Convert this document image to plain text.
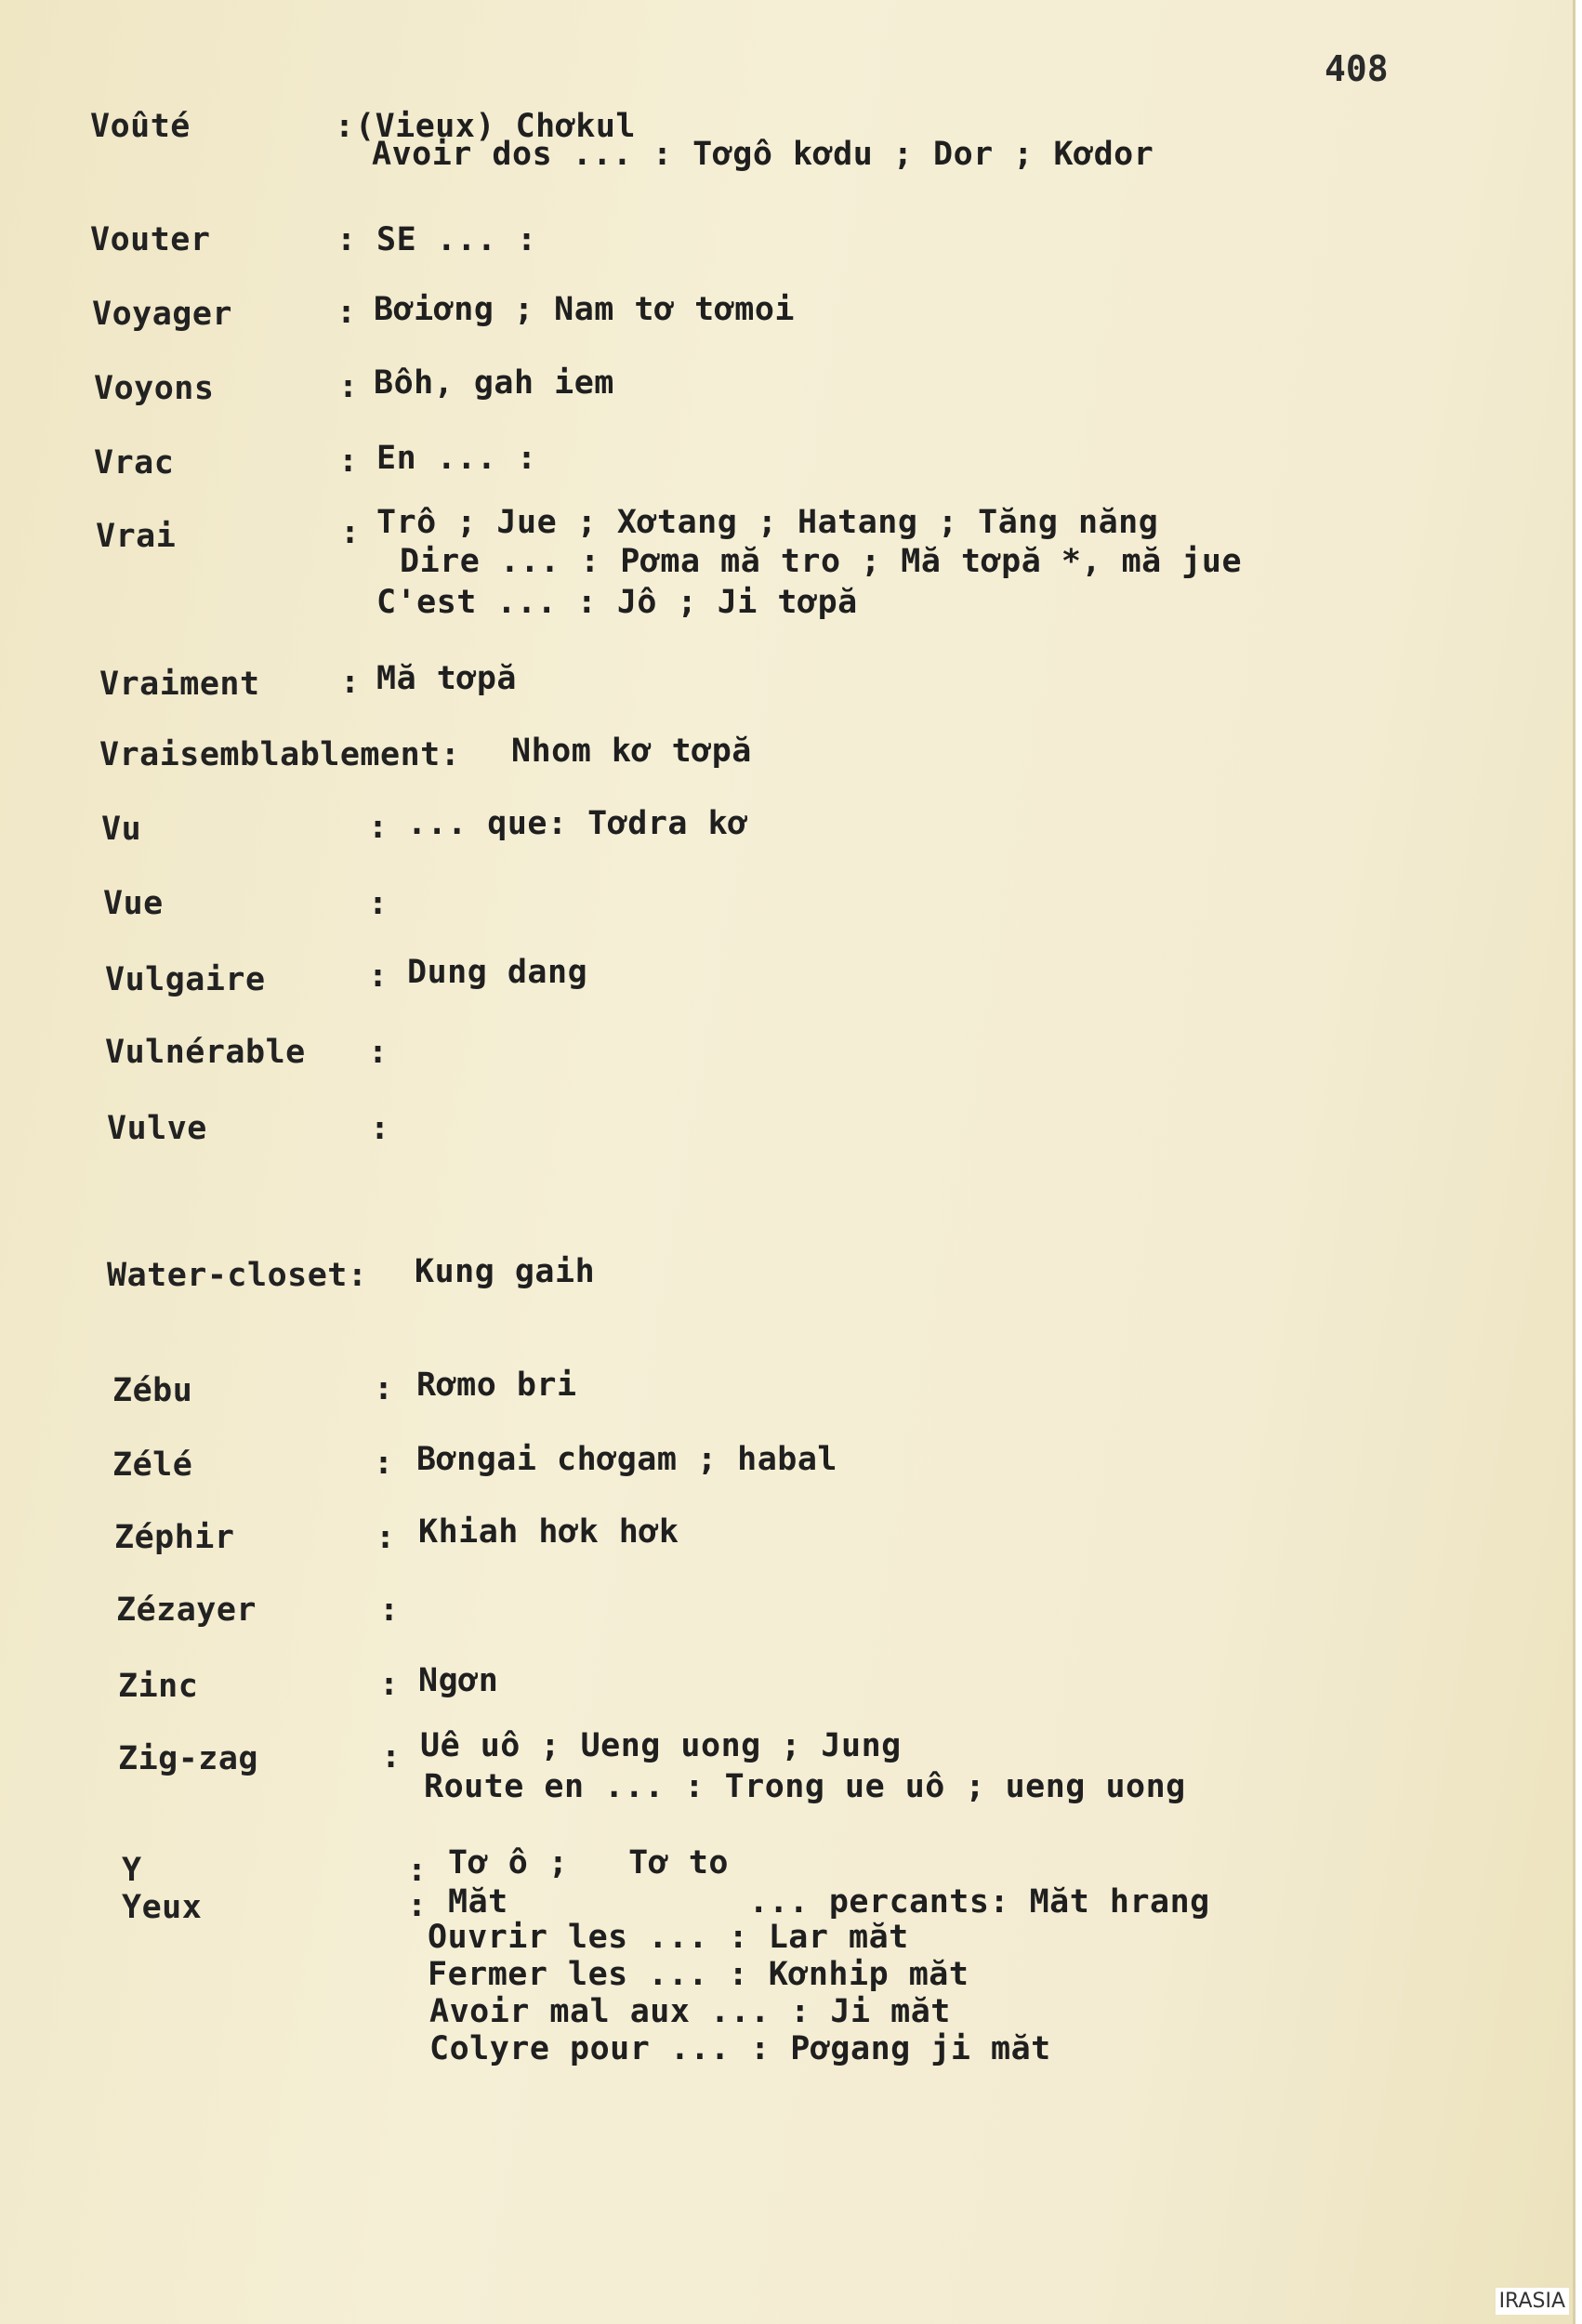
408
Voûté	: (Vieux) Chơkul
Avoir dos ... : Tơgô kơdu ; Dor ; Kơdor
Vouter	: SE ... :
Voyager	: Bơiơng ; Nam tơ tơmoi
Voyons	: Bôh, gah iem
Vrac	: En ... :
Vrai	: Trô ; Jue ; Xơtang ; Hatang ; Tăng năng
Dire ... : Pơma mă tro ; Mă tơpă *, mă jue
C'est ... : Jô ; Ji tơpă
Vraiment : Mă tơpă
Vraisemblablement: Nhom kơ tơpă
Vu	: ... que: Tơdra kơ
Vue	:
Vulgaire	: Dung dang
Vulnérable :
Vulve	:
Water-closet: Kung gaih
Zébu	: Rơmo bri
Zélé	: Bơngai chơgam ; habal
Zéphir	: Khiah hơk hơk
Zézayer	:
Zinc	: Ngơn
Zig-zag	: Uê uô ; Ueng uong ; Jung
Route en ... : Trong ue uô ; ueng uong
Y	: Tơ ô ;   Tơ to
Yeux	: Măt            ... percants: Măt hrang
Ouvrir les ... : Lar măt
Fermer les ... : Kơnhip măt
Avoir mal aux ... : Ji măt
Colyre pour ... : Pơgang ji măt
IRASIA
